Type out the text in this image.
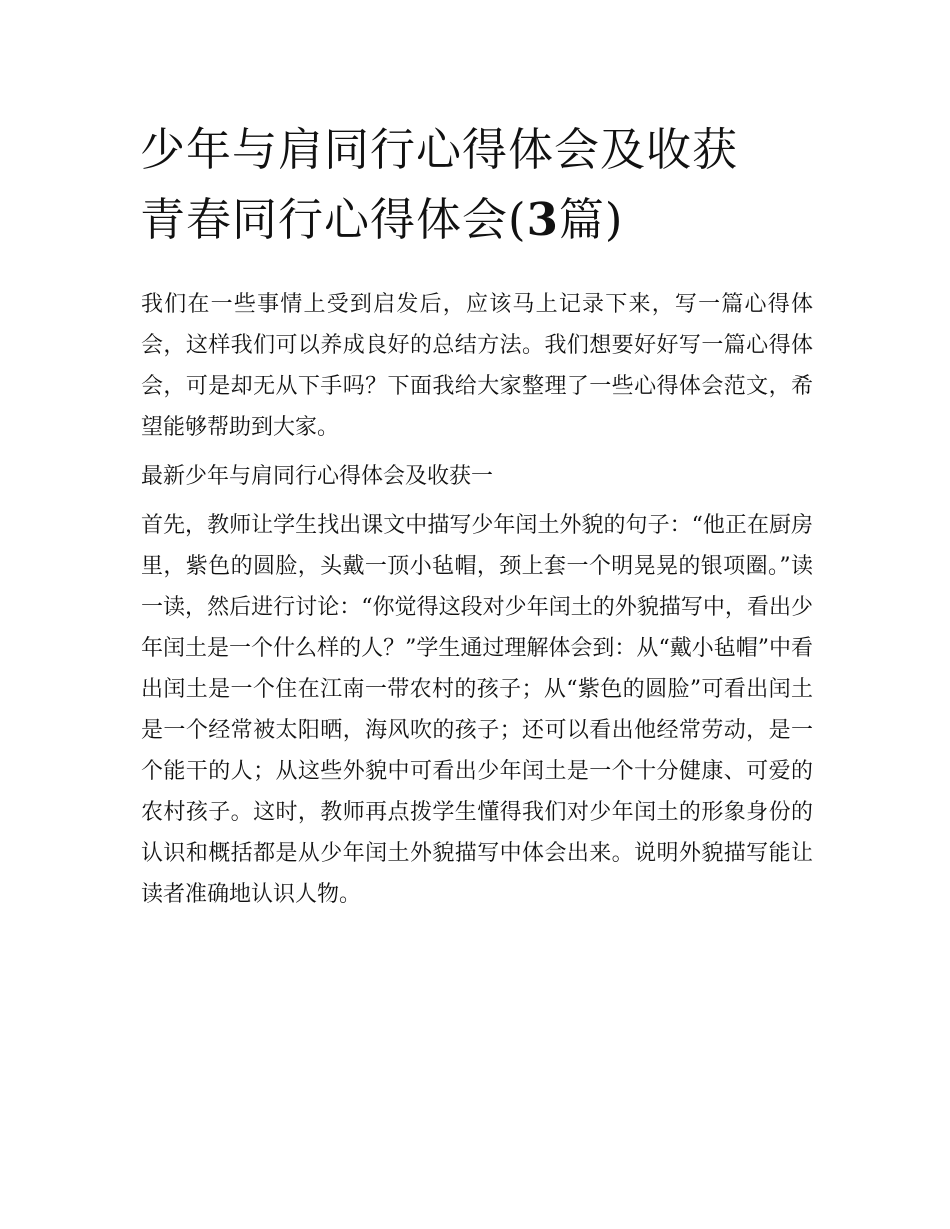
少年与肩同行心得体会及收获
青春同行心得体会(3篇)

我们在一些事情上受到启发后，应该马上记录下来，写一篇心得体会，这样我们可以养成良好的总结方法。我们想要好好写一篇心得体会，可是却无从下手吗？下面我给大家整理了一些心得体会范文，希望能够帮助到大家。

最新少年与肩同行心得体会及收获一

首先，教师让学生找出课文中描写少年闰土外貌的句子：“他正在厨房里，紫色的圆脸，头戴一顶小毡帽，颈上套一个明晃晃的银项圈。”读一读，然后进行讨论：“你觉得这段对少年闰土的外貌描写中，看出少年闰土是一个什么样的人？”学生通过理解体会到：从“戴小毡帽”中看出闰土是一个住在江南一带农村的孩子；从“紫色的圆脸”可看出闰土是一个经常被太阳晒，海风吹的孩子；还可以看出他经常劳动，是一个能干的人；从这些外貌中可看出少年闰土是一个十分健康、可爱的农村孩子。这时，教师再点拨学生懂得我们对少年闰土的形象身份的认识和概括都是从少年闰土外貌描写中体会出来。说明外貌描写能让读者准确地认识人物。
